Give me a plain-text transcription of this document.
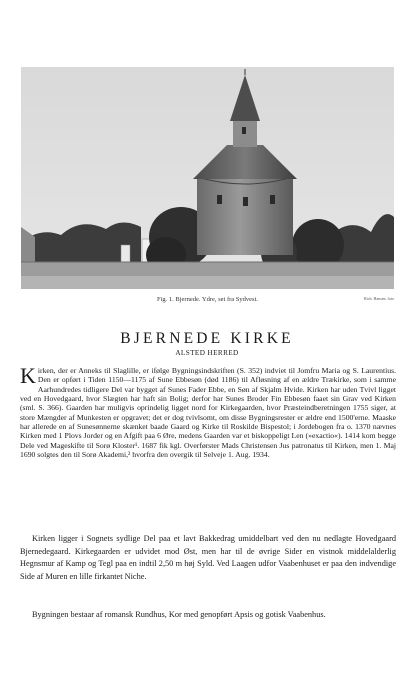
Fig. 1. Bjernede. Ydre, set fra Sydvest.	Rich. Hansen. foto
BJERNEDE KIRKE
ALSTED HERRED
K irken, der er Anneks til Slaglille, er ifølge Bygningsindskriften (S. 352) indviet til Jomfru Maria og S. Laurentius. Den er opført i Tiden 1150—1175 af Sune Ebbesøn (død 1186) til Afløsning af en ældre Trækirke, som i samme Aarhundredes tidligere Del var bygget af Sunes Fader Ebbe, en Søn af Skjalm Hvide. Kirken har uden Tvivl ligget ved en Hovedgaard, hvor Slægten har haft sin Bolig; derfor har Sunes Broder Fin Ebbesøn faaet sin Grav ved Kirken (sml. S. 366). Gaarden har muligvis oprindelig ligget nord for Kirkegaarden, hvor Præsteindberetningen 1755 siger, at store Mængder af Munkesten er opgravet; det er dog tvivlsomt, om disse Bygningsrester er ældre end 1500'erne. Maaske har allerede en af Sunesønnerne skænket baade Gaard og Kirke til Roskilde Bispestol; i Jordebogen fra o. 1370 nævnes Kirken med 1 Plovs Jorder og en Afgift paa 6 Øre, medens Gaarden var et biskoppeligt Len (»exactio«). 1414 kom begge Dele ved Mageskifte til Sorø Kloster¹. 1687 fik kgl. Overførster Mads Christensen Jus patronatus til Kirken, men 1. Maj 1690 solgtes den til Sorø Akademi,² hvorfra den overgik til Selveje 1. Aug. 1934.

Kirken ligger i Sognets sydlige Del paa et lavt Bakkedrag umiddelbart ved den nu nedlagte Hovedgaard Bjernedegaard. Kirkegaarden er udvidet mod Øst, men har til de øvrige Sider en vistnok middelalderlig Hegnsmur af Kamp og Tegl paa en indtil 2,50 m høj Syld. Ved Laagen udfor Vaabenhuset er paa den indvendige Side af Muren en lille firkantet Niche.

Bygningen bestaar af romansk Rundhus, Kor med genopført Apsis og gotisk Vaabenhus.
